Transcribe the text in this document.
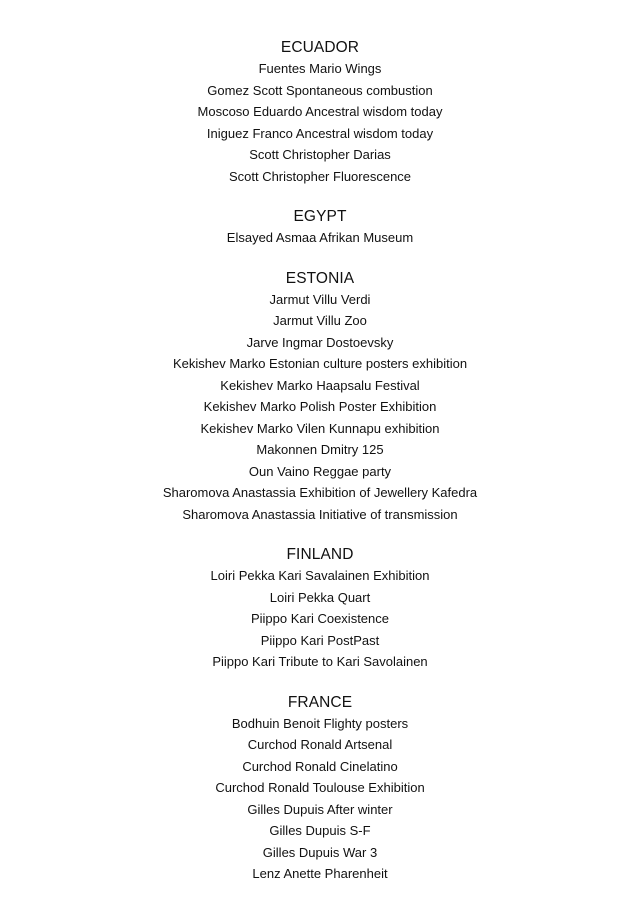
ECUADOR
Fuentes Mario Wings
Gomez Scott Spontaneous combustion
Moscoso Eduardo Ancestral wisdom today
Iniguez Franco Ancestral wisdom today
Scott Christopher Darias
Scott Christopher Fluorescence
EGYPT
Elsayed Asmaa Afrikan Museum
ESTONIA
Jarmut Villu Verdi
Jarmut Villu Zoo
Jarve Ingmar Dostoevsky
Kekishev Marko Estonian culture posters exhibition
Kekishev Marko Haapsalu Festival
Kekishev Marko Polish Poster Exhibition
Kekishev Marko Vilen Kunnapu exhibition
Makonnen Dmitry 125
Oun Vaino Reggae party
Sharomova Anastassia Exhibition of Jewellery Kafedra
Sharomova Anastassia Initiative of transmission
FINLAND
Loiri Pekka Kari Savalainen Exhibition
Loiri Pekka Quart
Piippo Kari Coexistence
Piippo Kari PostPast
Piippo Kari Tribute to Kari Savolainen
FRANCE
Bodhuin Benoit Flighty posters
Curchod Ronald Artsenal
Curchod Ronald Cinelatino
Curchod Ronald Toulouse Exhibition
Gilles Dupuis After winter
Gilles Dupuis S-F
Gilles Dupuis War 3
Lenz Anette Pharenheit
